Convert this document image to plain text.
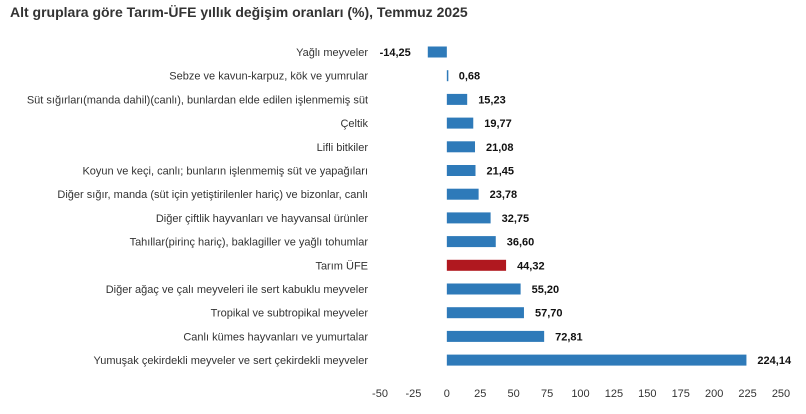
Alt gruplara göre Tarım-ÜFE yıllık değişim oranları (%), Temmuz 2025
Yağlı meyveler -14,25
Sebze ve kavun-karpuz, kök ve yumrular	0,68
Süt sığırları(manda dahil)(canlı), bunlardan elde edilen işlenmemiş süt	15,23
Çeltik	19,77
Lifli bitkiler	21,08
Koyun ve keçi, canlı; bunların işlenmemiş süt ve yapağıları	21,45
Diğer sığır, manda (süt için yetiştirilenler hariç) ve bizonlar, canlı	23,78
Diğer çiftlik hayvanları ve hayvansal ürünler	32,75
Tahıllar(pirinç hariç), baklagiller ve yağlı tohumlar	36,60
Tarım ÜFE	44,32
Diğer ağaç ve çalı meyveleri ile sert kabuklu meyveler	55,20
Tropikal ve subtropikal meyveler	57,70
Canlı kümes hayvanları ve yumurtalar	72,81
Yumuşak çekirdekli meyveler ve sert çekirdekli meyveler	224,14
-50 -25 0 25 50 75 100 125 150 175 200 225 250
